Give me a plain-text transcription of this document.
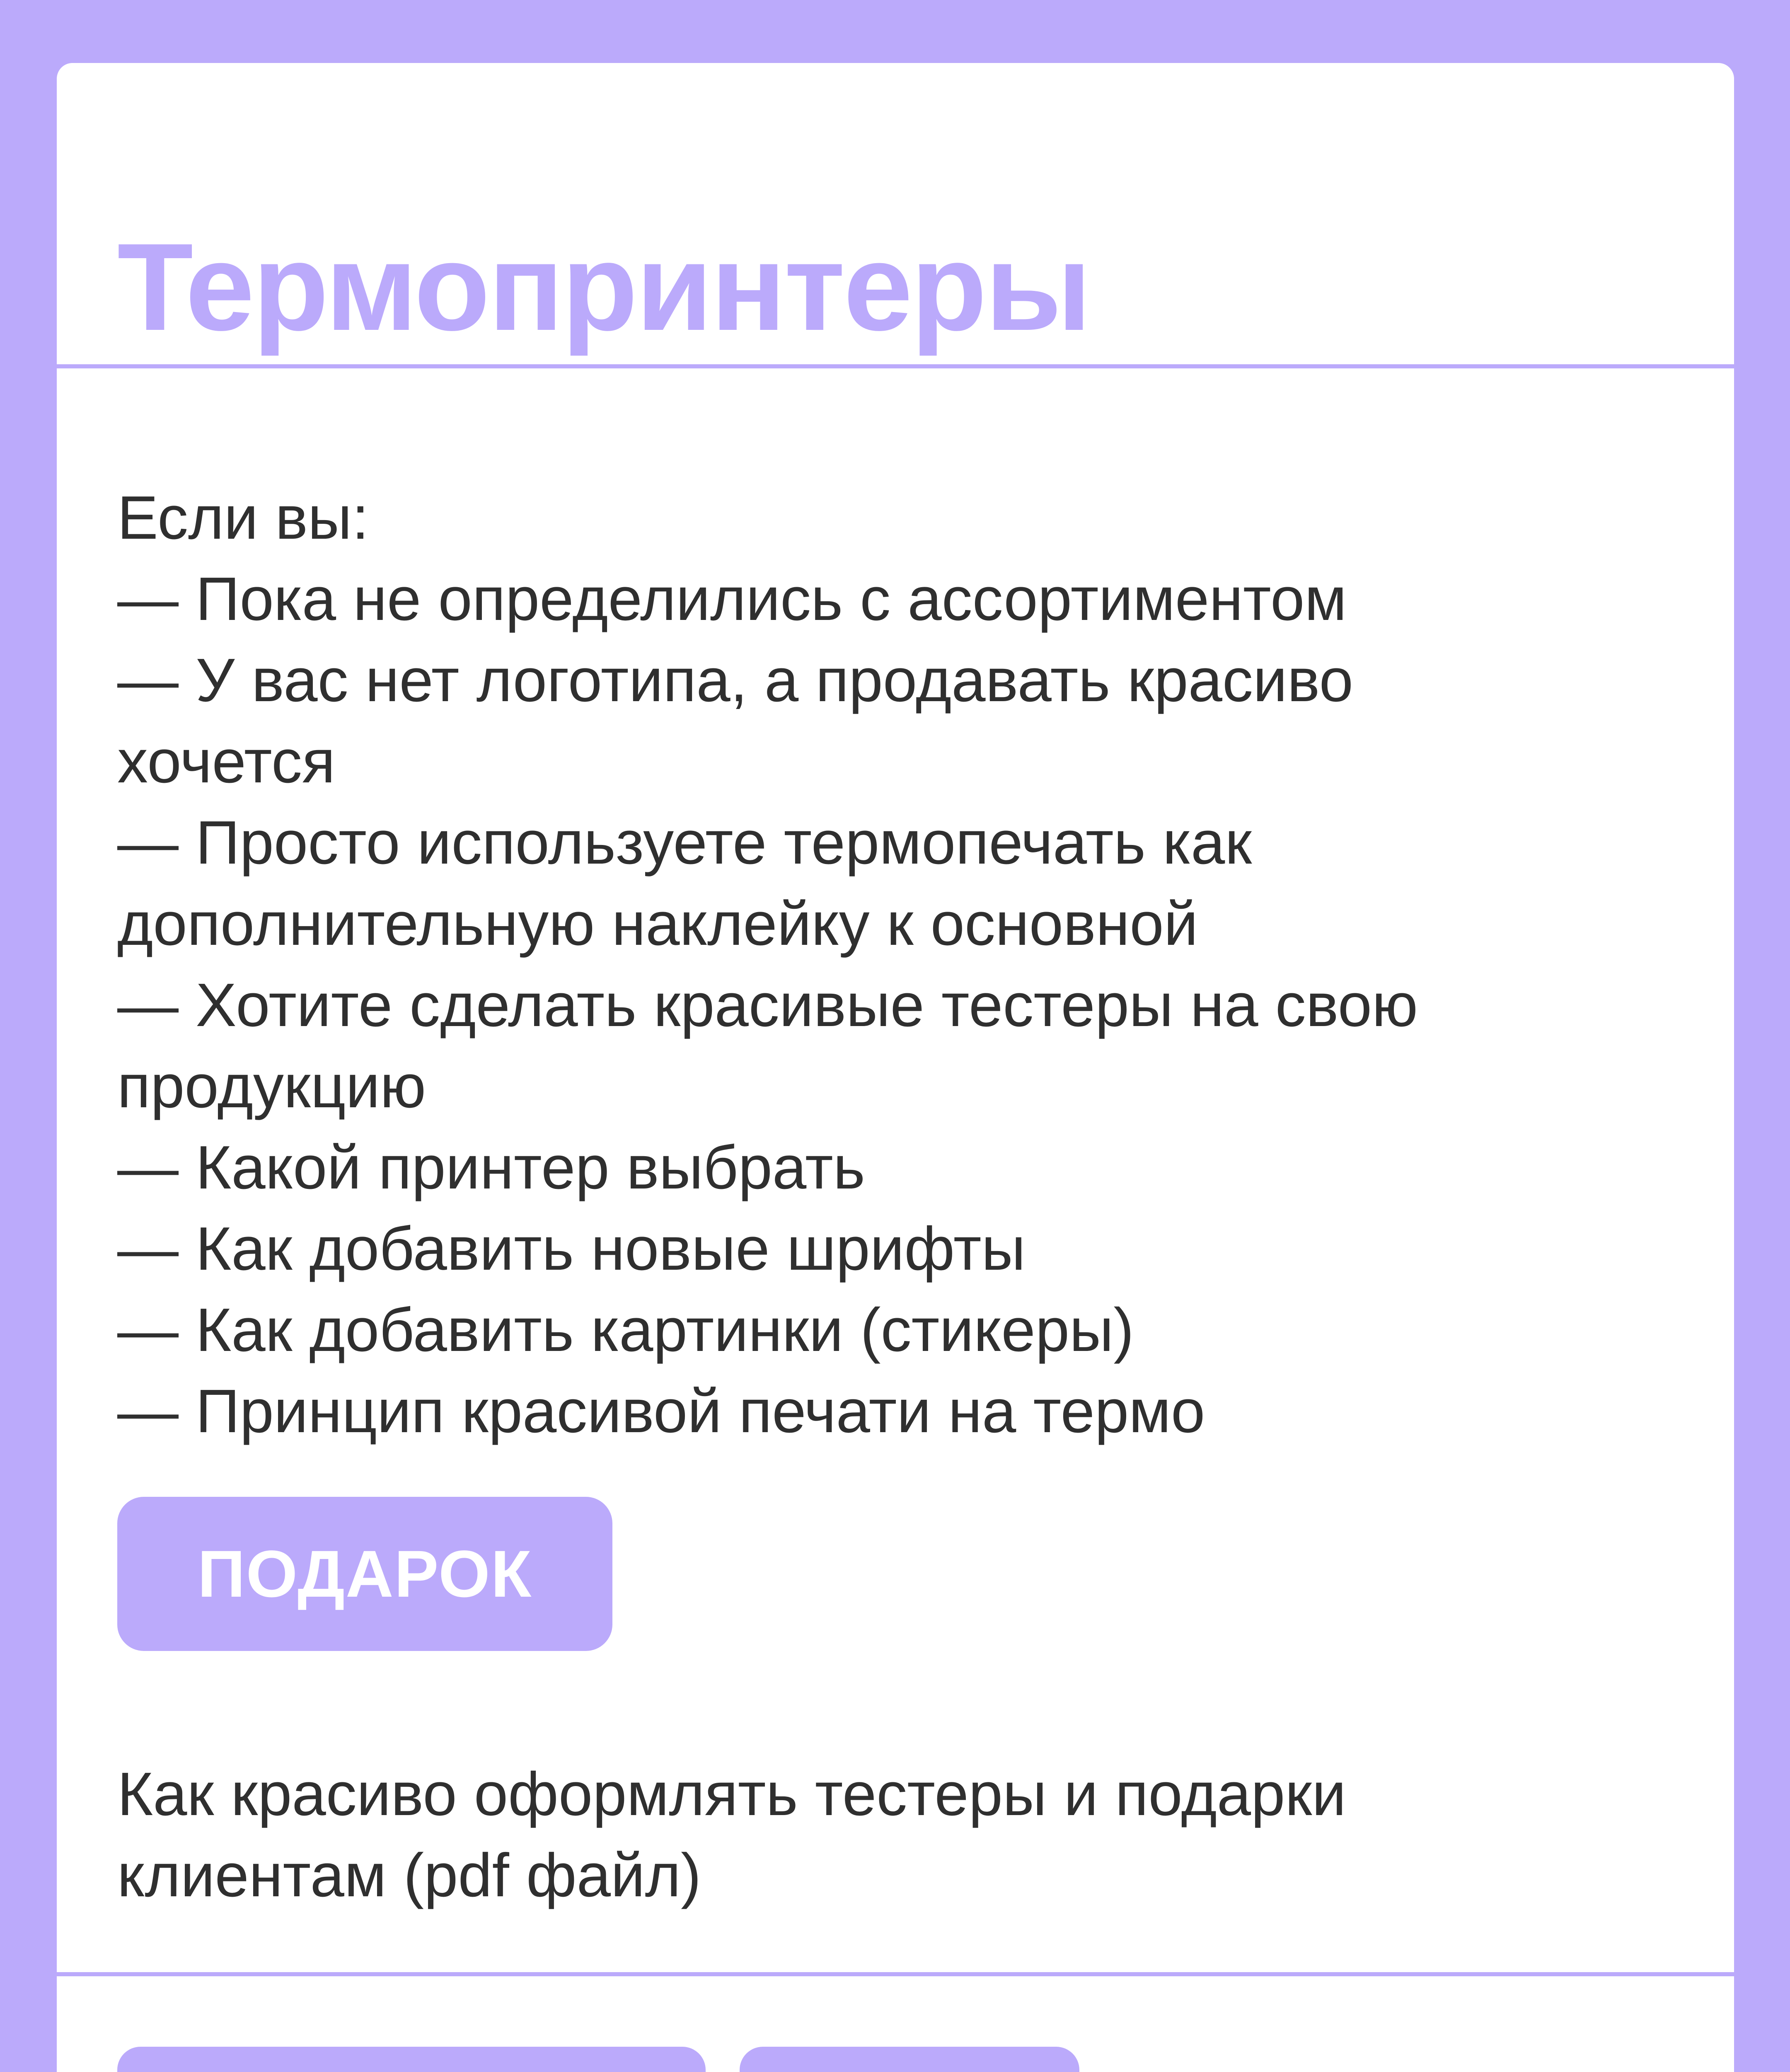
Термопринтеры
Если вы:
— Пока не определились с ассортиментом
— У вас нет логотипа, а продавать красиво
хочется
— Просто используете термопечать как
дополнительную наклейку к основной
— Хотите сделать красивые тестеры на свою
продукцию
— Какой принтер выбрать
— Как добавить новые шрифты
— Как добавить картинки (стикеры)
— Принцип красивой печати на термо
ПОДАРОК
Как красиво оформлять тестеры и подарки
клиентам (pdf файл)
